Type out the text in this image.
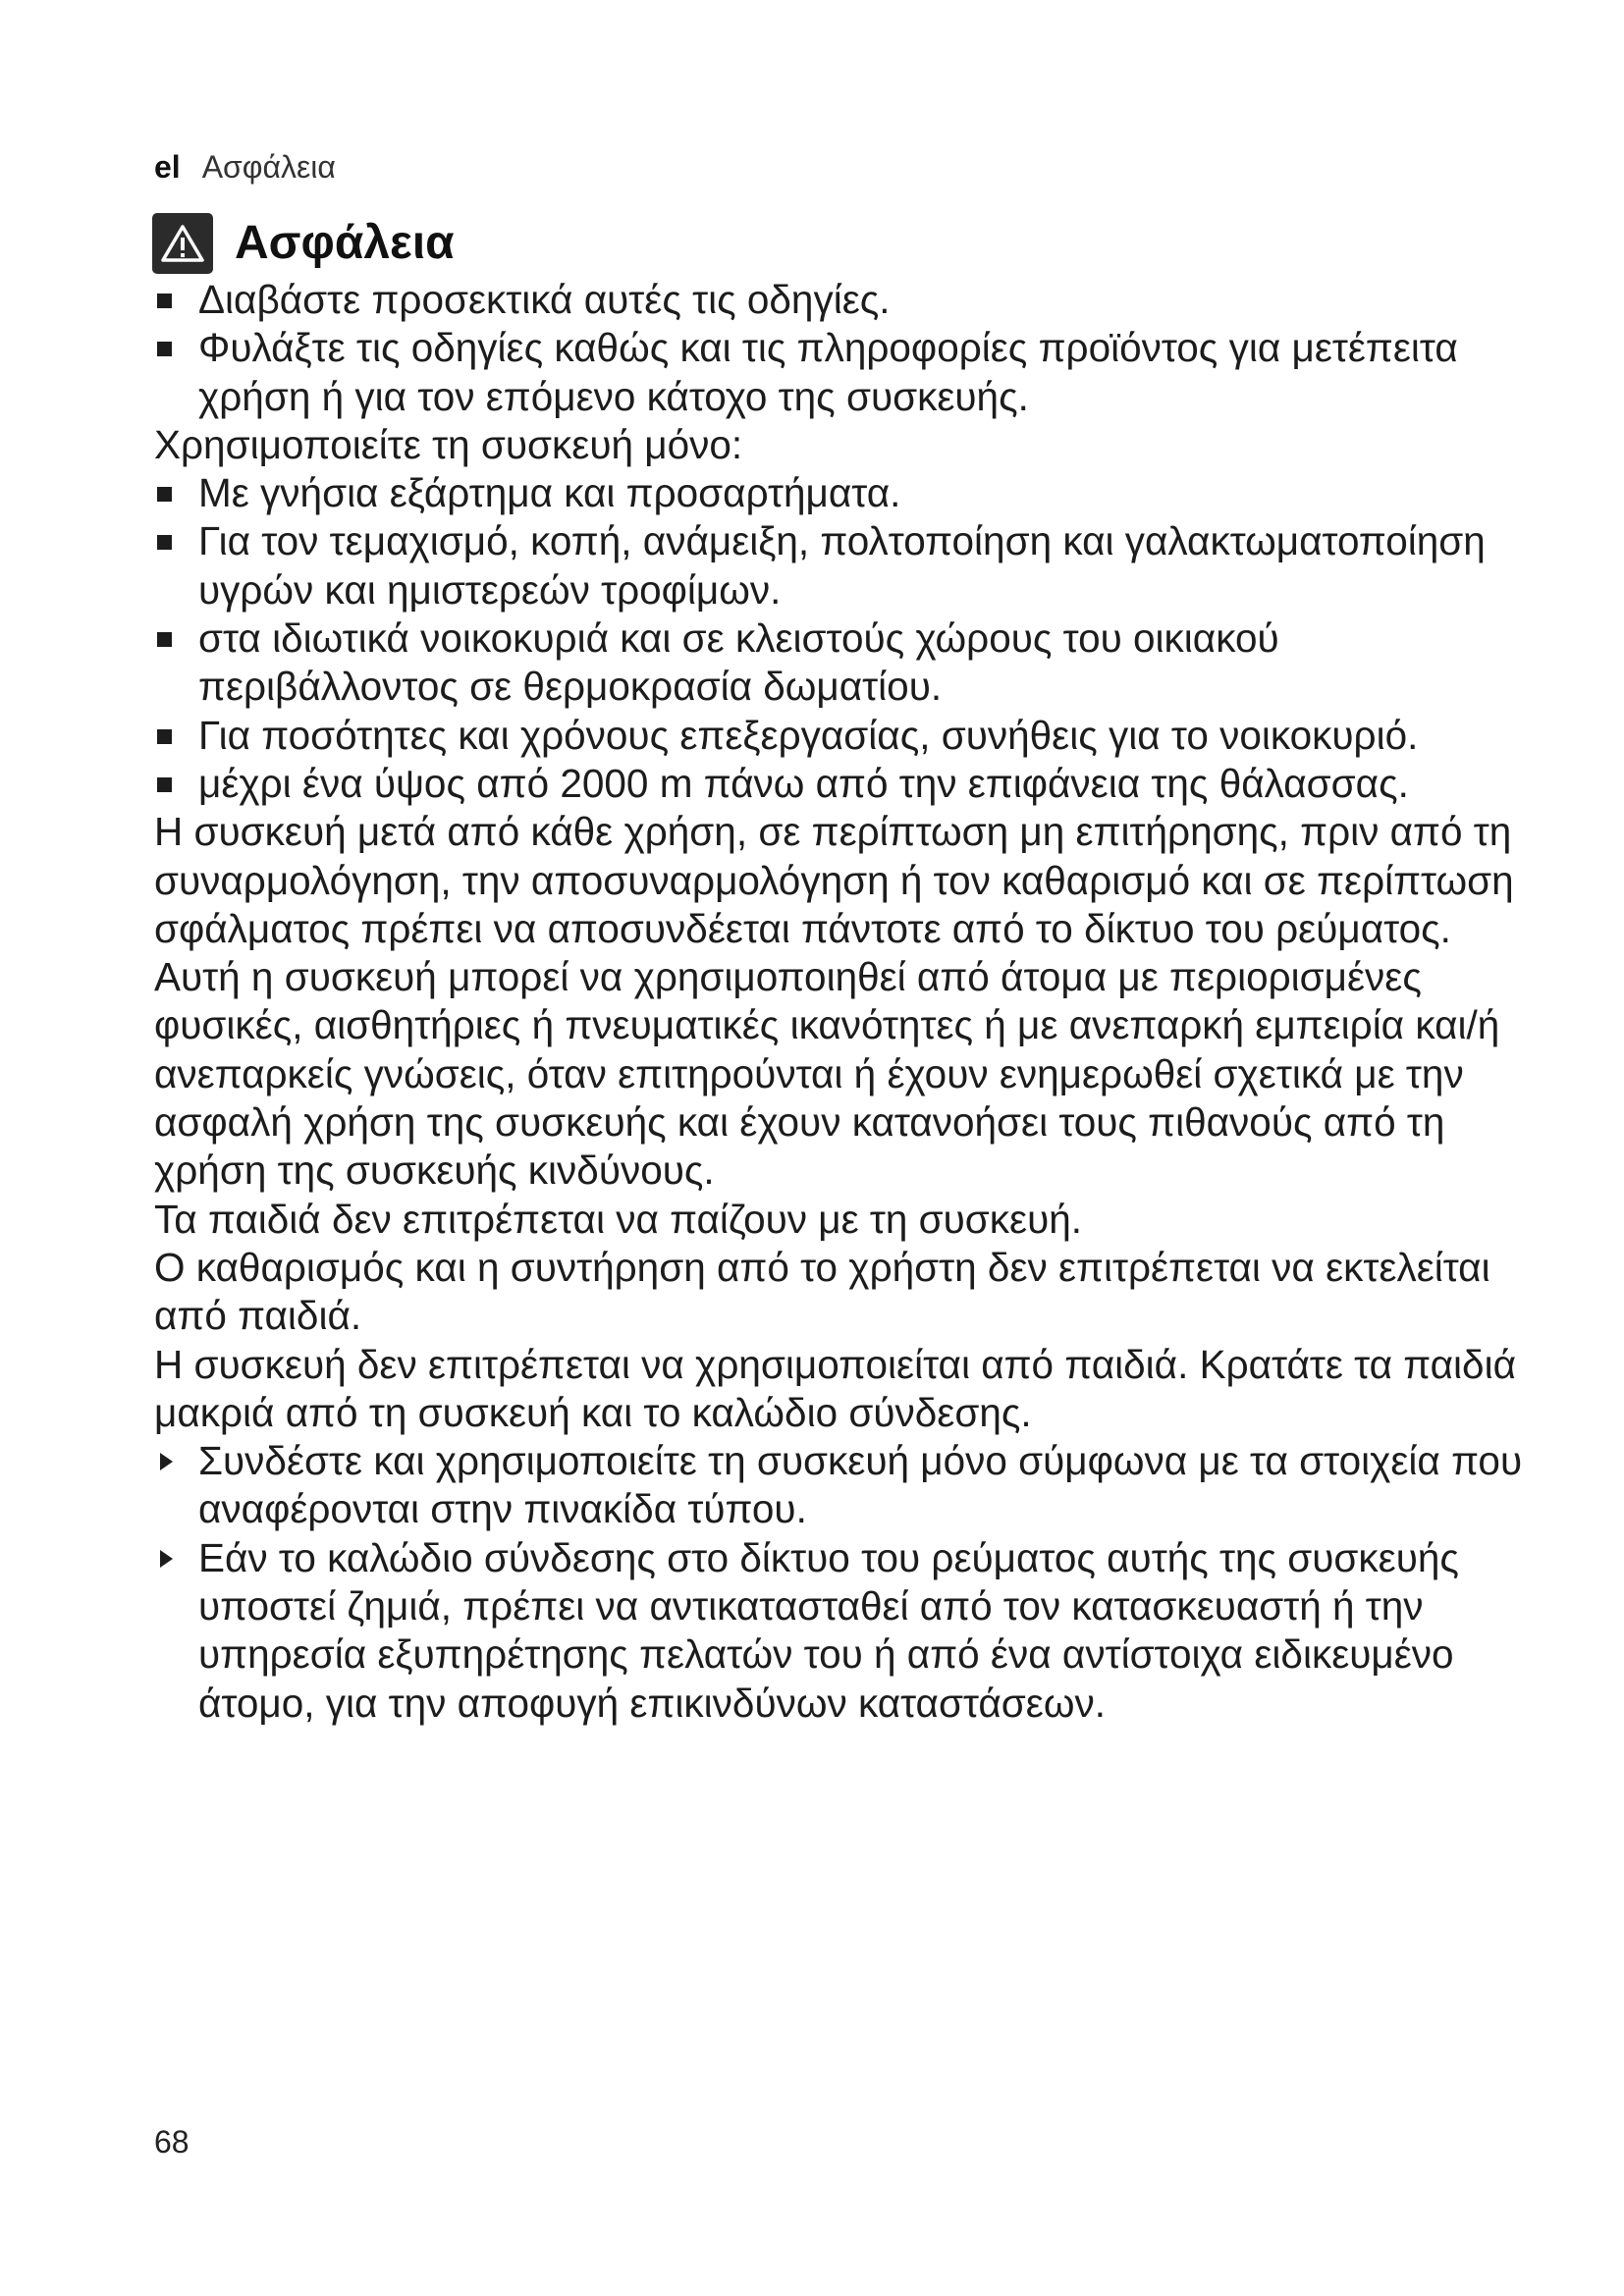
el Ασφάλεια
Ασφάλεια

Διαβάστε προσεκτικά αυτές τις οδηγίες.

Φυλάξτε τις οδηγίες καθώς και τις πληροφορίες προϊόντος για μετέπειτα χρήση ή για τον επόμενο κάτοχο της συσκευής.

Χρησιμοποιείτε τη συσκευή μόνο:

Με γνήσια εξάρτημα και προσαρτήματα.

Για τον τεμαχισμό, κοπή, ανάμειξη, πολτοποίηση και γαλακτωματοποίηση υγρών και ημιστερεών τροφίμων.

στα ιδιωτικά νοικοκυριά και σε κλειστούς χώρους του οικιακού περιβάλλοντος σε θερμοκρασία δωματίου.

Για ποσότητες και χρόνους επεξεργασίας, συνήθεις για το νοικοκυριό.

μέχρι ένα ύψος από 2000 m πάνω από την επιφάνεια της θάλασσας.

Η συσκευή μετά από κάθε χρήση, σε περίπτωση μη επιτήρησης, πριν από τη συναρμολόγηση, την αποσυναρμολόγηση ή τον καθαρισμό και σε περίπτωση σφάλματος πρέπει να αποσυνδέεται πάντοτε από το δίκτυο του ρεύματος.

Αυτή η συσκευή μπορεί να χρησιμοποιηθεί από άτομα με περιορισμένες φυσικές, αισθητήριες ή πνευματικές ικανότητες ή με ανεπαρκή εμπειρία και/ή ανεπαρκείς γνώσεις, όταν επιτηρούνται ή έχουν ενημερωθεί σχετικά με την ασφαλή χρήση της συσκευής και έχουν κατανοήσει τους πιθανούς από τη χρήση της συσκευής κινδύνους.

Τα παιδιά δεν επιτρέπεται να παίζουν με τη συσκευή.

Ο καθαρισμός και η συντήρηση από το χρήστη δεν επιτρέπεται να εκτελείται από παιδιά.

Η συσκευή δεν επιτρέπεται να χρησιμοποιείται από παιδιά. Κρατάτε τα παιδιά μακριά από τη συσκευή και το καλώδιο σύνδεσης.

Συνδέστε και χρησιμοποιείτε τη συσκευή μόνο σύμφωνα με τα στοιχεία που αναφέρονται στην πινακίδα τύπου.

Εάν το καλώδιο σύνδεσης στο δίκτυο του ρεύματος αυτής της συσκευής υποστεί ζημιά, πρέπει να αντικατασταθεί από τον κατασκευαστή ή την υπηρεσία εξυπηρέτησης πελατών του ή από ένα αντίστοιχα ειδικευμένο άτομο, για την αποφυγή επικινδύνων καταστάσεων.

68
